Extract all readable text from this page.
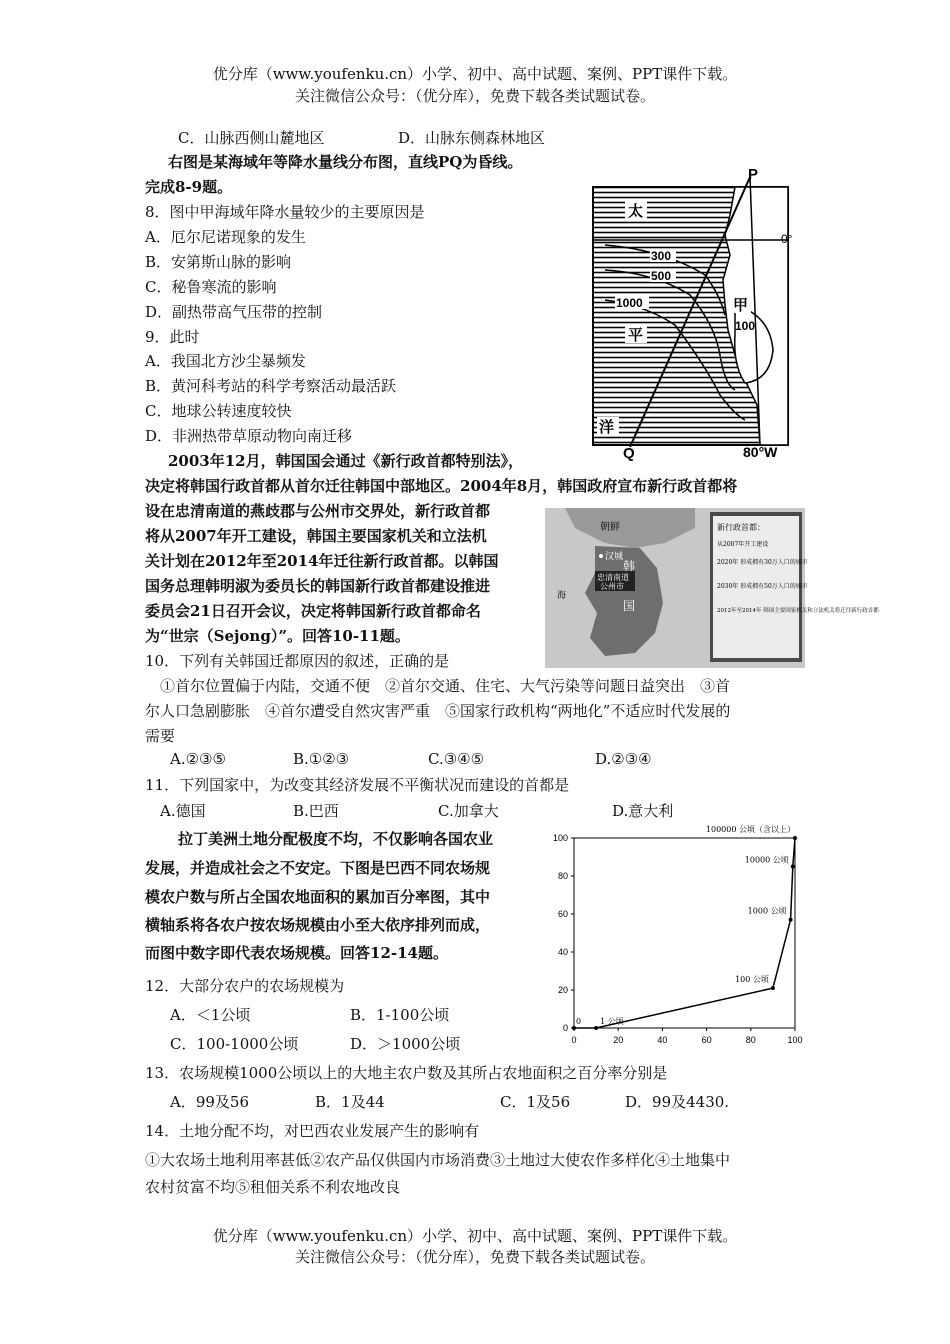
优分库（www.youfenku.cn）小学、初中、高中试题、案例、PPT课件下载。
关注微信公众号：（优分库），免费下载各类试题试卷。
C．山脉西侧山麓地区	D．山脉东侧森林地区
右图是某海域年等降水量线分布图，直线PQ为昏线。
完成8-9题。
8．图中甲海域年降水量较少的主要原因是
A．厄尔尼诺现象的发生
B．安第斯山脉的影响
C．秘鲁寒流的影响
D．副热带高气压带的控制
9．此时
A．我国北方沙尘暴频发
B．黄河科考站的科学考察活动最活跃
C．地球公转速度较快
D．非洲热带草原动物向南迁移
P
Q
太
平
洋
甲
0°
80°W
300
500
1000
100
2003年12月，韩国国会通过《新行政首都特别法》，
决定将韩国行政首都从首尔迁往韩国中部地区。2004年8月，韩国政府宣布新行政首都将
设在忠清南道的燕歧郡与公州市交界处，新行政首都
将从2007年开工建设，韩国主要国家机关和立法机
关计划在2012年至2014年迁往新行政首都。以韩国
国务总理韩明淑为委员长的韩国新行政首都建设推进
委员会21日召开会议，决定将韩国新行政首都命名
为“世宗（Sejong）”。回答10-11题。
朝鲜
汉城
韩
忠清南道
公州市
国
海
新行政首都：
从2007年开工建设
2020年 形成拥有30万人口的城市
2030年 形成拥有50万人口的城市
2012年至2014年 韩国主要国家机关和立法机关将迁往新行政首都
10．下列有关韩国迁都原因的叙述，正确的是
①首尔位置偏于内陆，交通不便　②首尔交通、住宅、大气污染等问题日益突出　③首
尔人口急剧膨胀　④首尔遭受自然灾害严重　⑤国家行政机构“两地化”不适应时代发展的
需要
A.②③⑤	B.①②③	C.③④⑤	D.②③④
11．下列国家中，为改变其经济发展不平衡状况而建设的首都是
A.德国	B.巴西	C.加拿大	D.意大利
拉丁美洲土地分配极度不均，不仅影响各国农业
发展，并造成社会之不安定。下图是巴西不同农场规
模农户数与所占全国农地面积的累加百分率图，其中
横轴系将各农户按农场规模由小至大依序排列而成，
而图中数字即代表农场规模。回答12-14题。
0	20	40	60	80	100
0
20
40
60
80
100
0 1 公顷
100 公顷
1000 公顷
10000 公顷
100000 公顷（含以上）
12．大部分农户的农场规模为
A．＜1公顷	B．1-100公顷
C．100-1000公顷	D．＞1000公顷
13．农场规模1000公顷以上的大地主农户数及其所占农地面积之百分率分别是
A．99及56	B．1及44	C．1及56	D．99及4430.
14．土地分配不均，对巴西农业发展产生的影响有
①大农场土地利用率甚低②农产品仅供国内市场消费③土地过大使农作多样化④土地集中
农村贫富不均⑤租佃关系不利农地改良
优分库（www.youfenku.cn）小学、初中、高中试题、案例、PPT课件下载。
关注微信公众号：（优分库），免费下载各类试题试卷。
